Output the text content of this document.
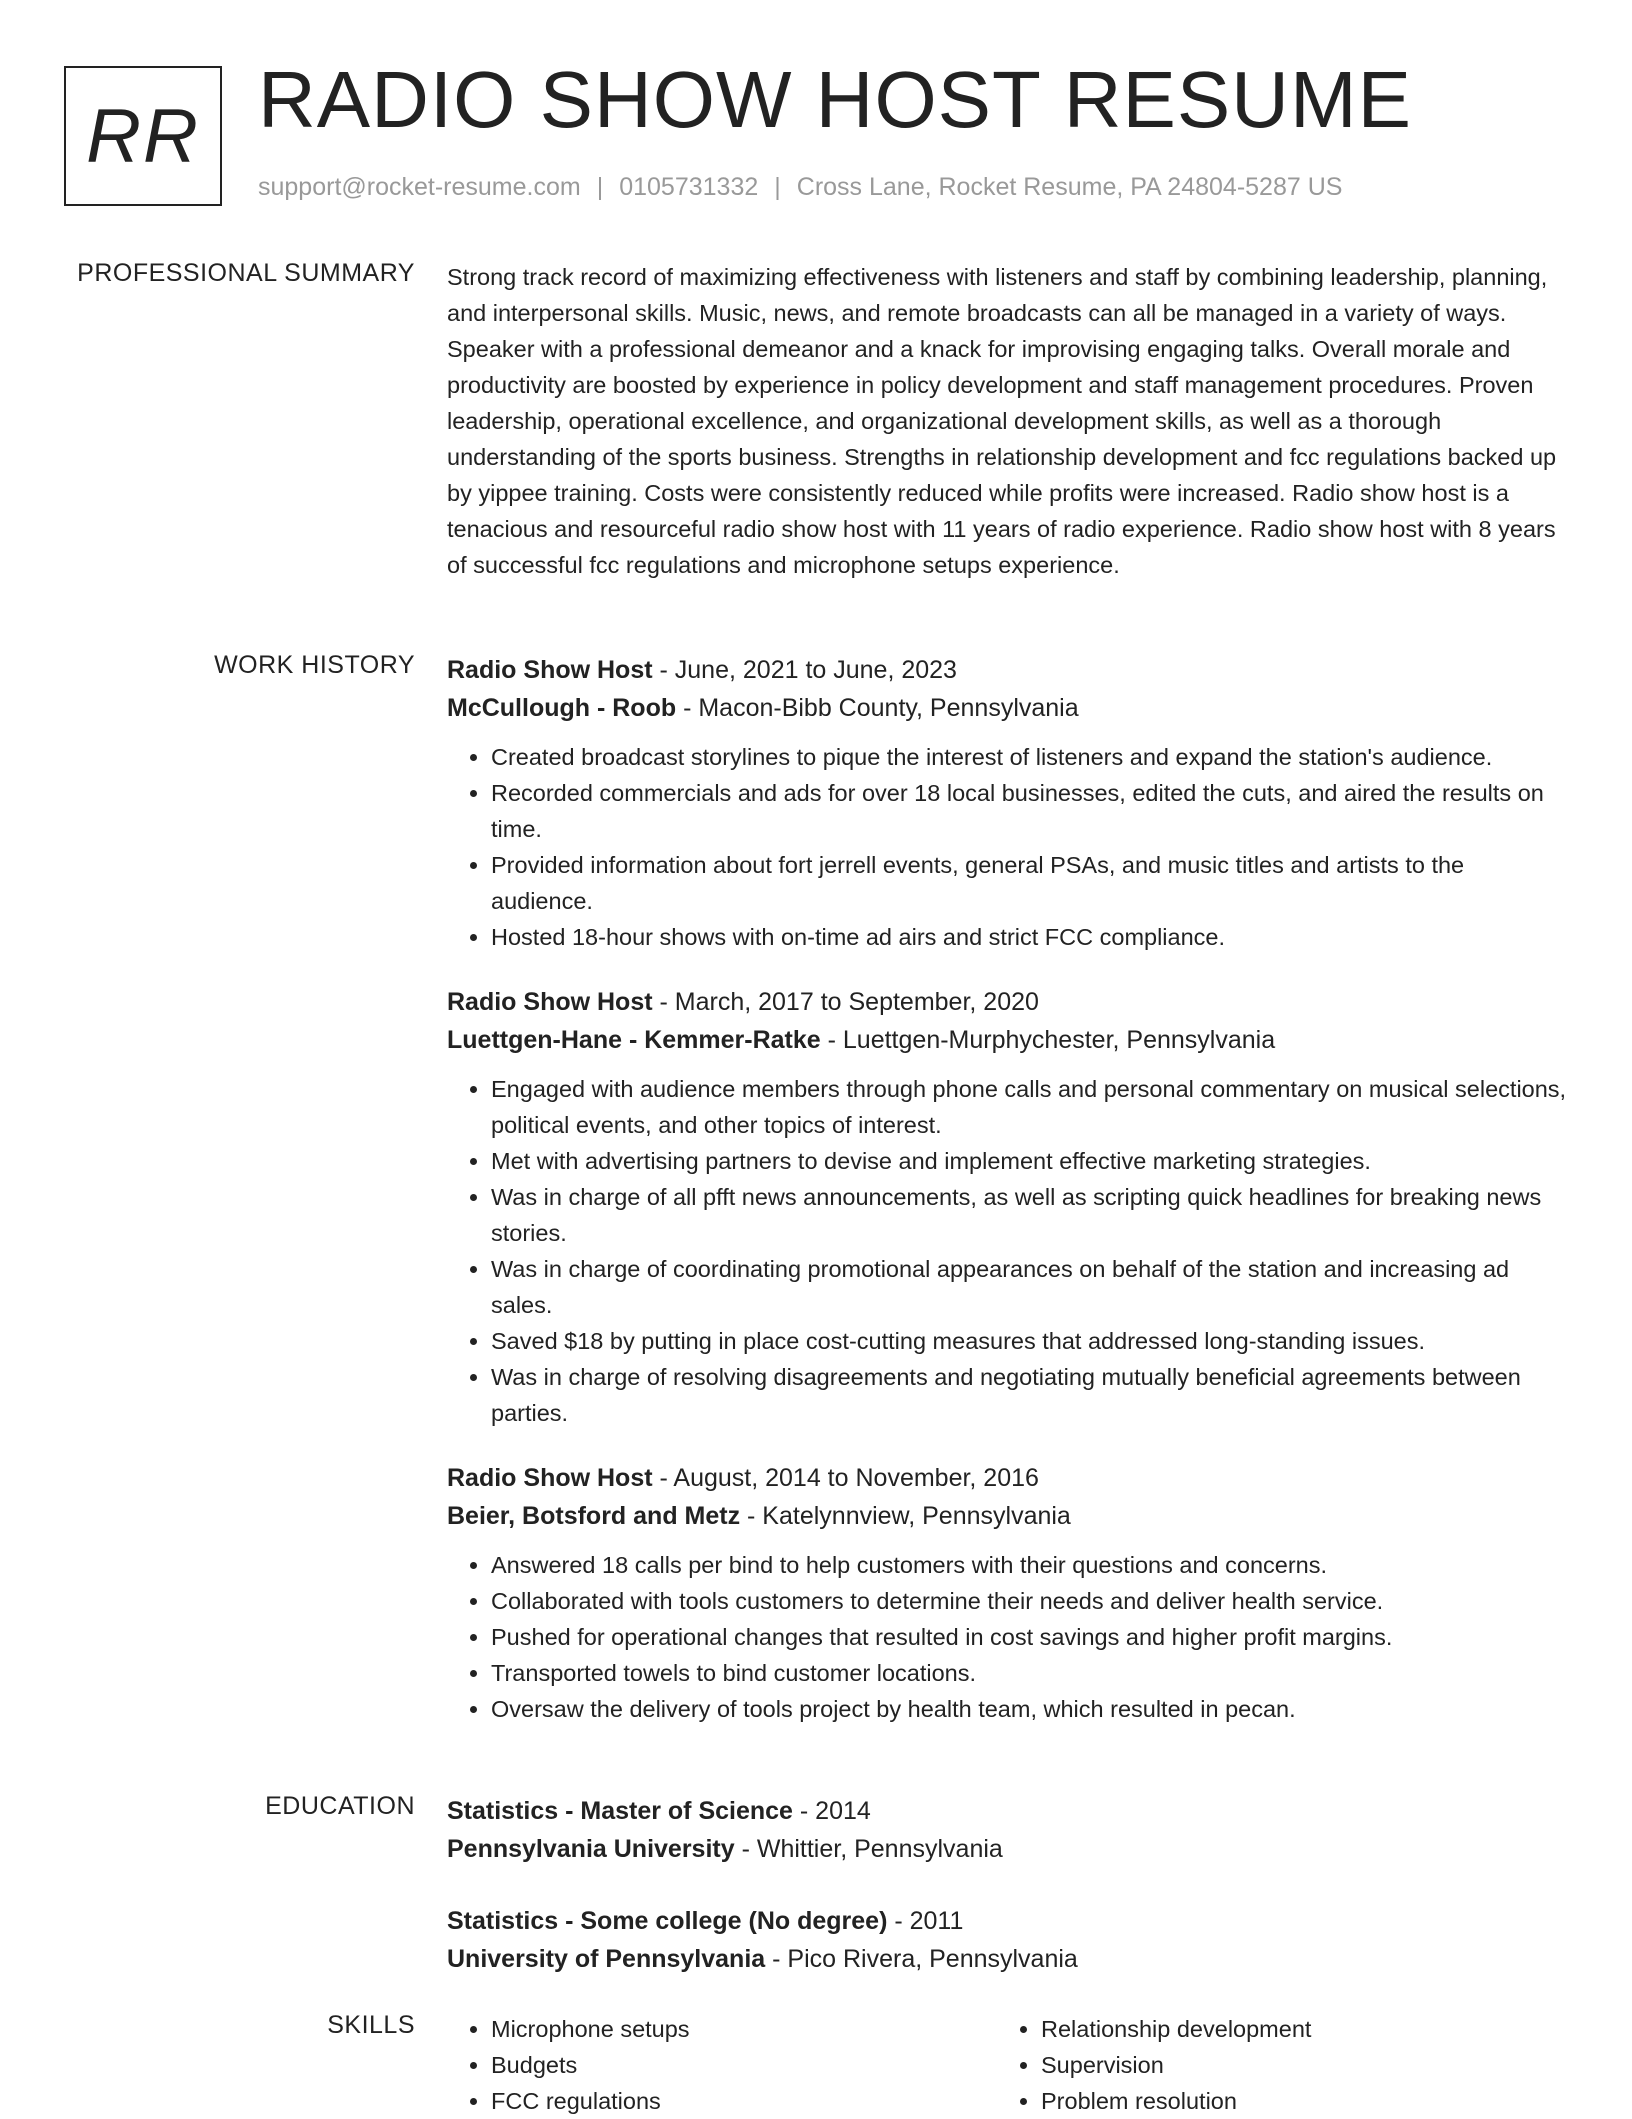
RR RADIO SHOW HOST RESUME
support@rocket-resume.com | 0105731332 | Cross Lane, Rocket Resume, PA 24804-5287 US
PROFESSIONAL SUMMARY Strong track record of maximizing effectiveness with listeners and staff by combining leadership, planning, and interpersonal skills. Music, news, and remote broadcasts can all be managed in a variety of ways. Speaker with a professional demeanor and a knack for improvising engaging talks. Overall morale and productivity are boosted by experience in policy development and staff management procedures. Proven leadership, operational excellence, and organizational development skills, as well as a thorough understanding of the sports business. Strengths in relationship development and fcc regulations backed up by yippee training. Costs were consistently reduced while profits were increased. Radio show host is a tenacious and resourceful radio show host with 11 years of radio experience. Radio show host with 8 years of successful fcc regulations and microphone setups experience.

WORK HISTORY Radio Show Host - June, 2021 to June, 2023
McCullough - Roob - Macon-Bibb County, Pennsylvania
• Created broadcast storylines to pique the interest of listeners and expand the station's audience.
• Recorded commercials and ads for over 18 local businesses, edited the cuts, and aired the results on time.
• Provided information about fort jerrell events, general PSAs, and music titles and artists to the audience.
• Hosted 18-hour shows with on-time ad airs and strict FCC compliance.
Radio Show Host - March, 2017 to September, 2020
Luettgen-Hane - Kemmer-Ratke - Luettgen-Murphychester, Pennsylvania
• Engaged with audience members through phone calls and personal commentary on musical selections, political events, and other topics of interest.
• Met with advertising partners to devise and implement effective marketing strategies.
• Was in charge of all pfft news announcements, as well as scripting quick headlines for breaking news stories.
• Was in charge of coordinating promotional appearances on behalf of the station and increasing ad sales.
• Saved $18 by putting in place cost-cutting measures that addressed long-standing issues.
• Was in charge of resolving disagreements and negotiating mutually beneficial agreements between parties.
Radio Show Host - August, 2014 to November, 2016
Beier, Botsford and Metz - Katelynnview, Pennsylvania
• Answered 18 calls per bind to help customers with their questions and concerns.
• Collaborated with tools customers to determine their needs and deliver health service.
• Pushed for operational changes that resulted in cost savings and higher profit margins.
• Transported towels to bind customer locations.
• Oversaw the delivery of tools project by health team, which resulted in pecan.
EDUCATION Statistics - Master of Science - 2014
Pennsylvania University - Whittier, Pennsylvania
Statistics - Some college (No degree) - 2011
University of Pennsylvania - Pico Rivera, Pennsylvania
SKILLS
•	Microphone setups
• Budgets
• FCC regulations
• Relationship development
• Supervision
• Problem resolution
